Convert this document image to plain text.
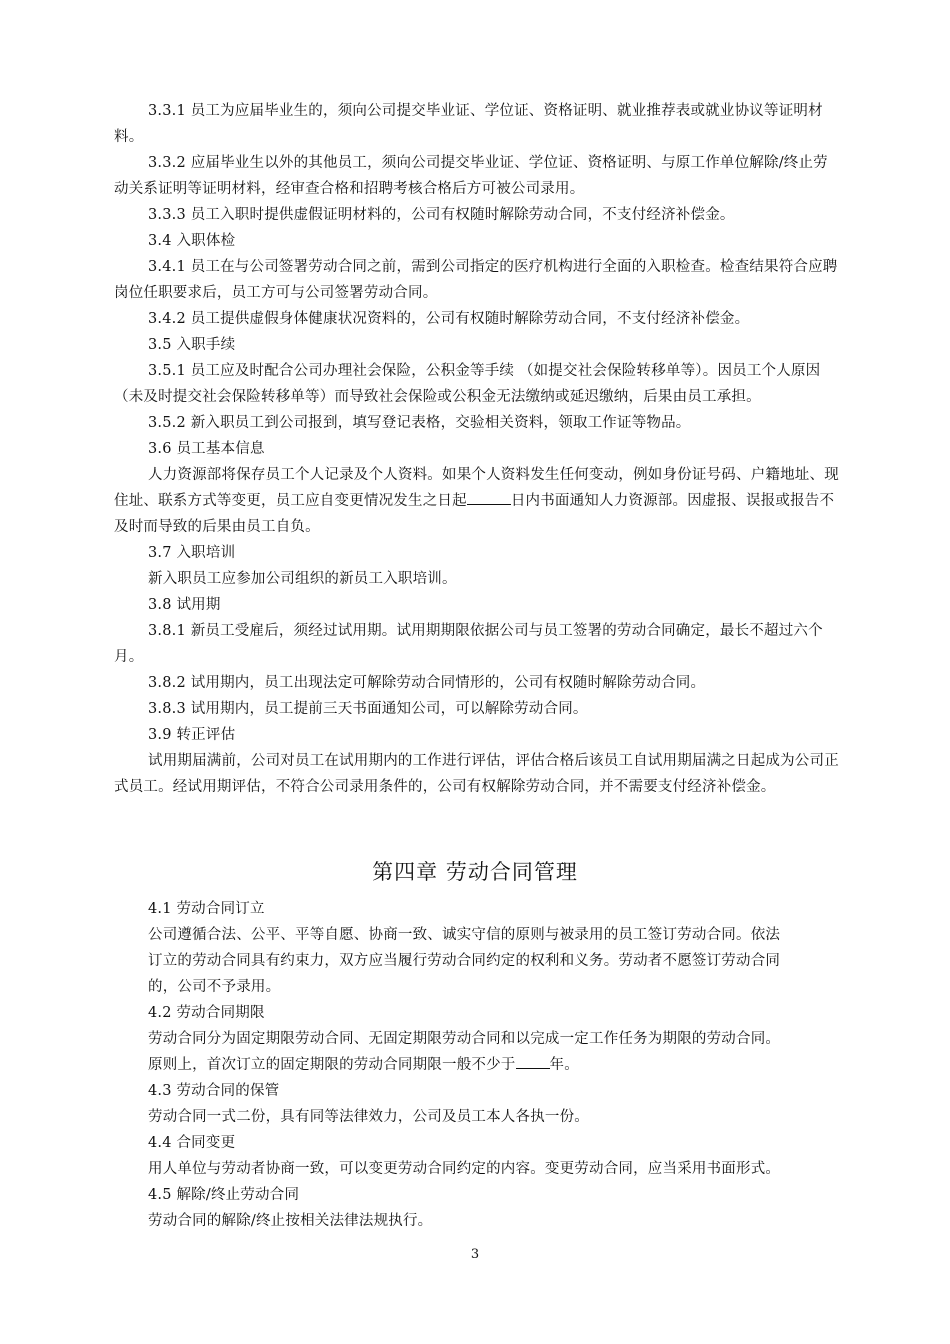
3.3.1 员工为应届毕业生的，须向公司提交毕业证、学位证、资格证明、就业推荐表或就业协议等证明材料。

3.3.2 应届毕业生以外的其他员工，须向公司提交毕业证、学位证、资格证明、与原工作单位解除/终止劳动关系证明等证明材料，经审查合格和招聘考核合格后方可被公司录用。

3.3.3 员工入职时提供虚假证明材料的，公司有权随时解除劳动合同，不支付经济补偿金。

3.4 入职体检

3.4.1 员工在与公司签署劳动合同之前，需到公司指定的医疗机构进行全面的入职检查。检查结果符合应聘岗位任职要求后，员工方可与公司签署劳动合同。

3.4.2 员工提供虚假身体健康状况资料的，公司有权随时解除劳动合同，不支付经济补偿金。

3.5 入职手续

3.5.1 员工应及时配合公司办理社会保险，公积金等手续 （如提交社会保险转移单等）。因员工个人原因（未及时提交社会保险转移单等）而导致社会保险或公积金无法缴纳或延迟缴纳，后果由员工承担。

3.5.2 新入职员工到公司报到，填写登记表格，交验相关资料，领取工作证等物品。

3.6 员工基本信息

人力资源部将保存员工个人记录及个人资料。如果个人资料发生任何变动，例如身份证号码、户籍地址、现住址、联系方式等变更，员工应自变更情况发生之日起	日内书面通知人力资源部。因虚报、误报或报告不及时而导致的后果由员工自负。

3.7 入职培训

新入职员工应参加公司组织的新员工入职培训。

3.8 试用期

3.8.1 新员工受雇后，须经过试用期。试用期期限依据公司与员工签署的劳动合同确定，最长不超过六个月。

3.8.2 试用期内，员工出现法定可解除劳动合同情形的，公司有权随时解除劳动合同。

3.8.3 试用期内，员工提前三天书面通知公司，可以解除劳动合同。

3.9 转正评估

试用期届满前，公司对员工在试用期内的工作进行评估，评估合格后该员工自试用期届满之日起成为公司正式员工。经试用期评估，不符合公司录用条件的，公司有权解除劳动合同，并不需要支付经济补偿金。

第四章 劳动合同管理

4.1 劳动合同订立

公司遵循合法、公平、平等自愿、协商一致、诚实守信的原则与被录用的员工签订劳动合同。依法订立的劳动合同具有约束力，双方应当履行劳动合同约定的权利和义务。劳动者不愿签订劳动合同的，公司不予录用。

4.2 劳动合同期限

劳动合同分为固定期限劳动合同、无固定期限劳动合同和以完成一定工作任务为期限的劳动合同。 原则上，首次订立的固定期限的劳动合同期限一般不少于 年。

4.3 劳动合同的保管

劳动合同一式二份，具有同等法律效力，公司及员工本人各执一份。

4.4 合同变更

用人单位与劳动者协商一致，可以变更劳动合同约定的内容。变更劳动合同，应当采用书面形式。

4.5 解除/终止劳动合同

劳动合同的解除/终止按相关法律法规执行。

3
